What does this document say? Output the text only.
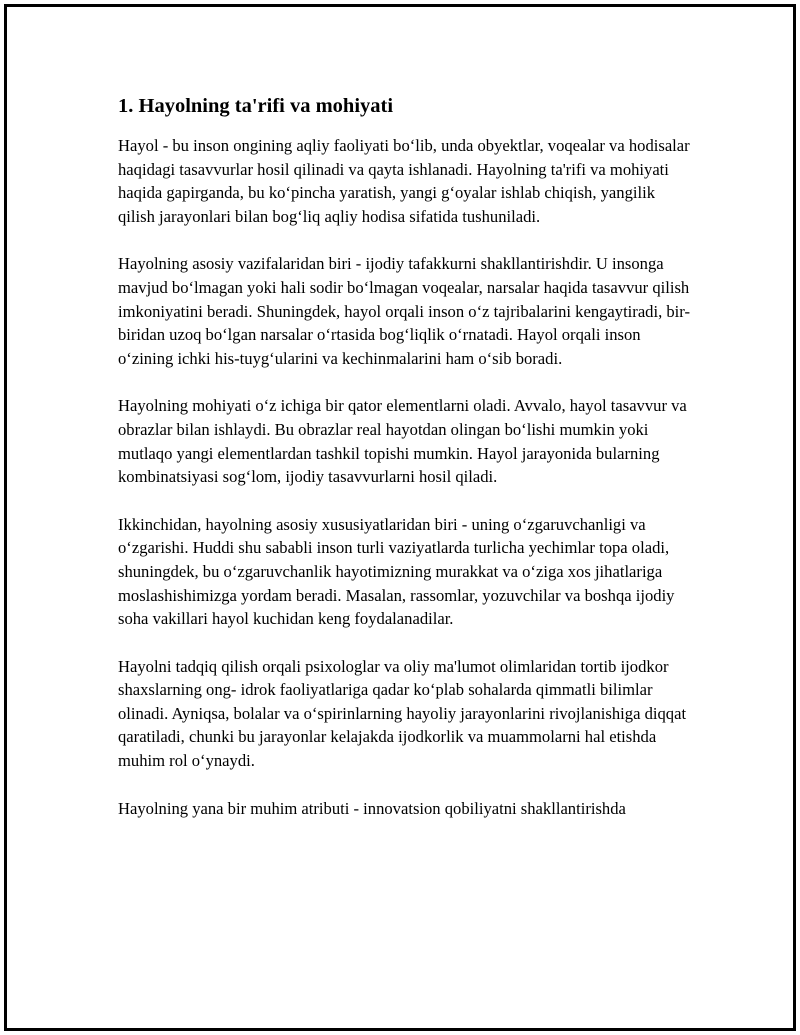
1. Hayolning ta'rifi va mohiyati

Hayol - bu inson ongining aqliy faoliyati bo‘lib, unda obyektlar, voqealar va hodisalar haqidagi tasavvurlar hosil qilinadi va qayta ishlanadi. Hayolning ta'rifi va mohiyati haqida gapirganda, bu ko‘pincha yaratish, yangi g‘oyalar ishlab chiqish, yangilik qilish jarayonlari bilan bog‘liq aqliy hodisa sifatida tushuniladi.

Hayolning asosiy vazifalaridan biri - ijodiy tafakkurni shakllantirishdir. U insonga mavjud bo‘lmagan yoki hali sodir bo‘lmagan voqealar, narsalar haqida tasavvur qilish imkoniyatini beradi. Shuningdek, hayol orqali inson o‘z tajribalarini kengaytiradi, bir-biridan uzoq bo‘lgan narsalar o‘rtasida bog‘liqlik o‘rnatadi. Hayol orqali inson o‘zining ichki his-tuyg‘ularini va kechinmalarini ham o‘sib boradi.

Hayolning mohiyati o‘z ichiga bir qator elementlarni oladi. Avvalo, hayol tasavvur va obrazlar bilan ishlaydi. Bu obrazlar real hayotdan olingan bo‘lishi mumkin yoki mutlaqo yangi elementlardan tashkil topishi mumkin. Hayol jarayonida bularning kombinatsiyasi sog‘lom, ijodiy tasavvurlarni hosil qiladi.

Ikkinchidan, hayolning asosiy xususiyatlaridan biri - uning o‘zgaruvchanligi va o‘zgarishi. Huddi shu sababli inson turli vaziyatlarda turlicha yechimlar topa oladi, shuningdek, bu o‘zgaruvchanlik hayotimizning murakkat va o‘ziga xos jihatlariga moslashishimizga yordam beradi. Masalan, rassomlar, yozuvchilar va boshqa ijodiy soha vakillari hayol kuchidan keng foydalanadilar.

Hayolni tadqiq qilish orqali psixologlar va oliy ma'lumot olimlaridan tortib ijodkor shaxslarning ong- idrok faoliyatlariga qadar ko‘plab sohalarda qimmatli bilimlar olinadi. Ayniqsa, bolalar va o‘spirinlarning hayoliy jarayonlarini rivojlanishiga diqqat qaratiladi, chunki bu jarayonlar kelajakda ijodkorlik va muammolarni hal etishda muhim rol o‘ynaydi.

Hayolning yana bir muhim atributi - innovatsion qobiliyatni shakllantirishda
